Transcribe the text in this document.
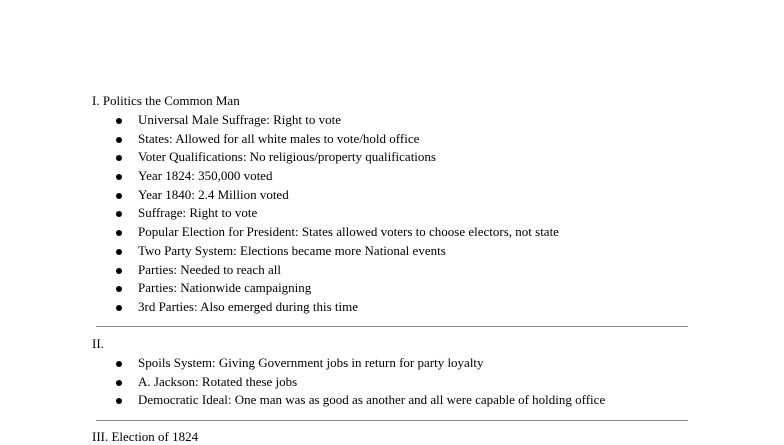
I. Politics the Common Man
Universal Male Suffrage: Right to vote
States: Allowed for all white males to vote/hold office
Voter Qualifications: No religious/property qualifications
Year 1824: 350,000 voted
Year 1840: 2.4 Million voted
Suffrage: Right to vote
Popular Election for President: States allowed voters to choose electors, not state
Two Party System: Elections became more National events
Parties: Needed to reach all
Parties: Nationwide campaigning
3rd Parties: Also emerged during this time
II.
Spoils System: Giving Government jobs in return for party loyalty
A. Jackson: Rotated these jobs
Democratic Ideal: One man was as good as another and all were capable of holding office
III. Election of 1824
